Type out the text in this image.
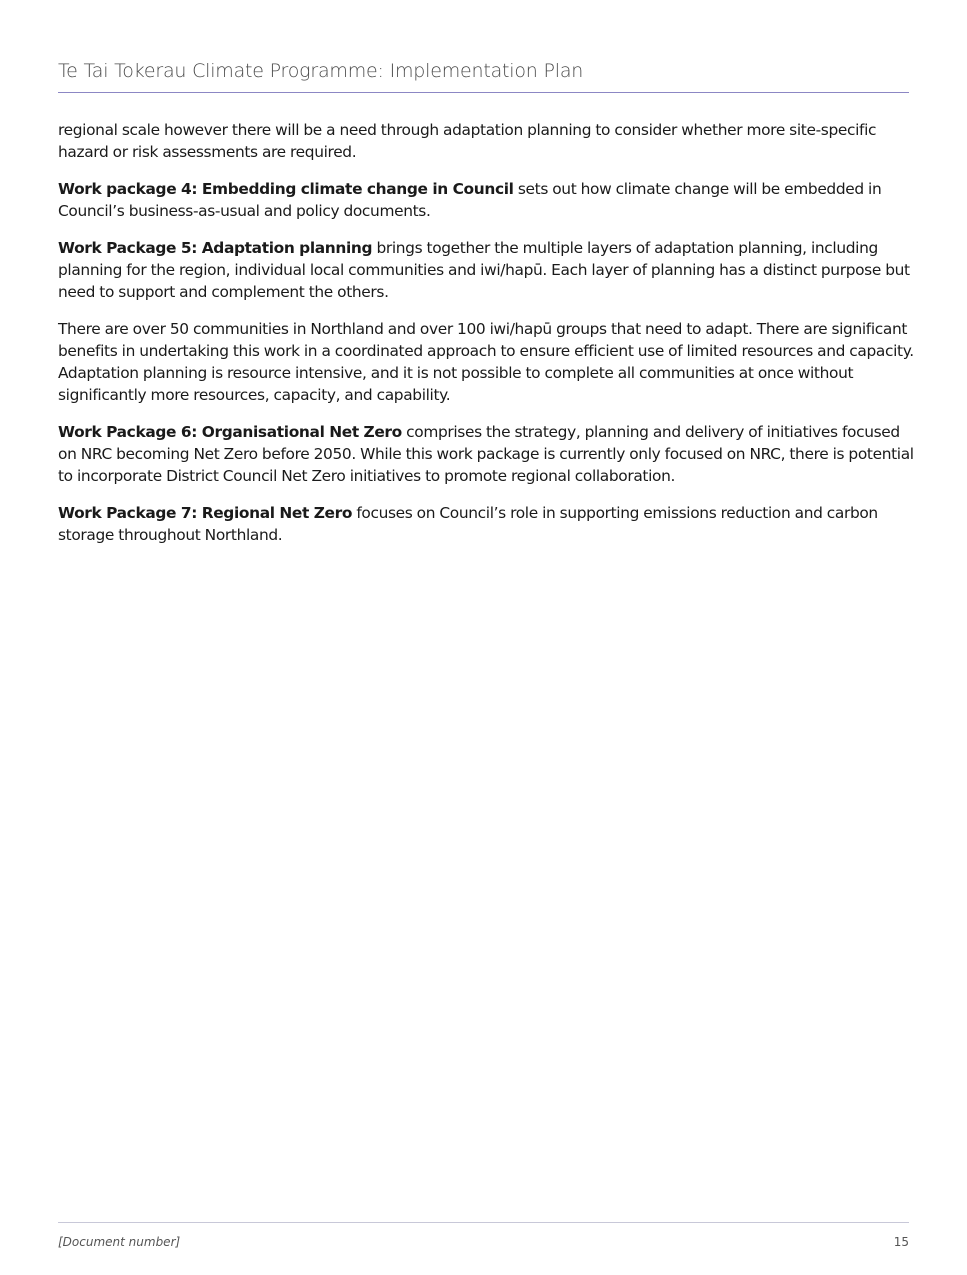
Te Tai Tokerau Climate Programme: Implementation Plan

regional scale however there will be a need through adaptation planning to consider whether more site-specific hazard or risk assessments are required.

Work package 4: Embedding climate change in Council sets out how climate change will be embedded in Council’s business-as-usual and policy documents.

Work Package 5: Adaptation planning brings together the multiple layers of adaptation planning, including planning for the region, individual local communities and iwi/hapū. Each layer of planning has a distinct purpose but need to support and complement the others.

There are over 50 communities in Northland and over 100 iwi/hapū groups that need to adapt. There are significant benefits in undertaking this work in a coordinated approach to ensure efficient use of limited resources and capacity. Adaptation planning is resource intensive, and it is not possible to complete all communities at once without significantly more resources, capacity, and capability.

Work Package 6: Organisational Net Zero comprises the strategy, planning and delivery of initiatives focused on NRC becoming Net Zero before 2050. While this work package is currently only focused on NRC, there is potential to incorporate District Council Net Zero initiatives to promote regional collaboration.

Work Package 7: Regional Net Zero focuses on Council’s role in supporting emissions reduction and carbon storage throughout Northland.

[Document number]	15
